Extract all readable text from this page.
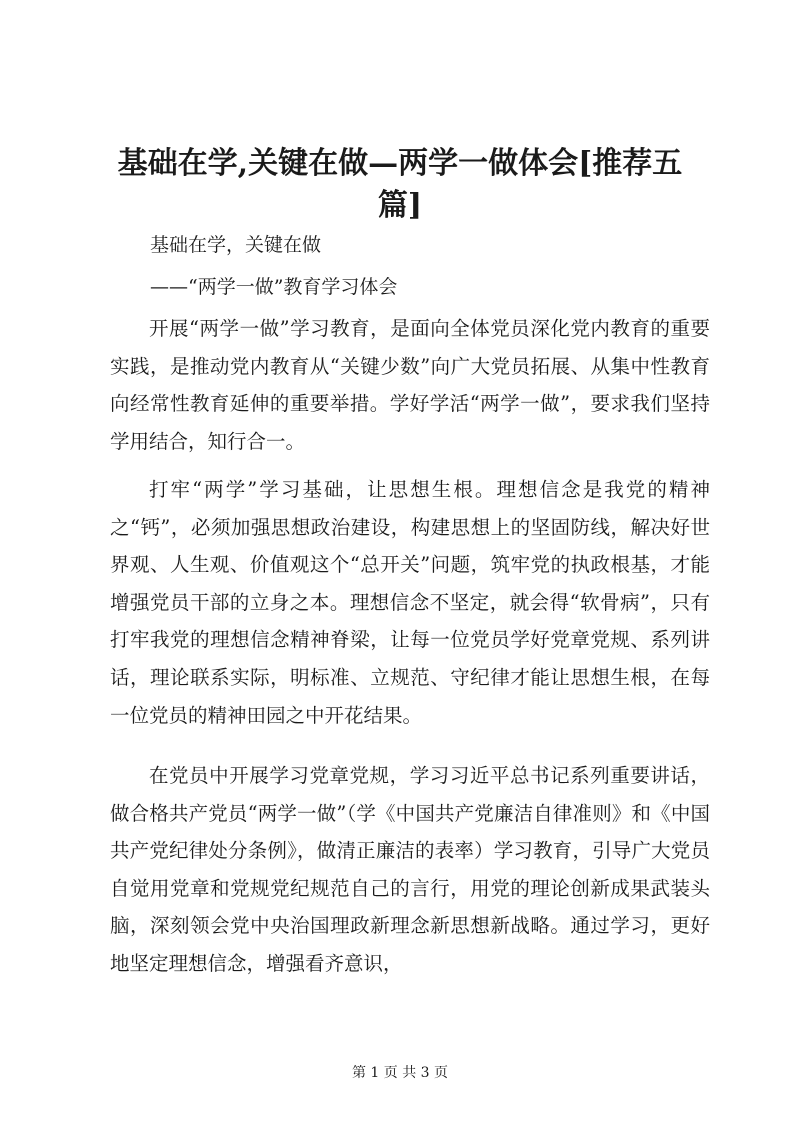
基础在学,关键在做—两学一做体会[推荐五篇]
基础在学，关键在做
——“两学一做”教育学习体会

开展“两学一做”学习教育，是面向全体党员深化党内教育的重要实践，是推动党内教育从“关键少数”向广大党员拓展、从集中性教育向经常性教育延伸的重要举措。学好学活“两学一做”，要求我们坚持学用结合，知行合一。

打牢“两学”学习基础，让思想生根。理想信念是我党的精神之“钙”，必须加强思想政治建设，构建思想上的坚固防线，解决好世界观、人生观、价值观这个“总开关”问题，筑牢党的执政根基，才能增强党员干部的立身之本。理想信念不坚定，就会得“软骨病”，只有打牢我党的理想信念精神脊梁，让每一位党员学好党章党规、系列讲话，理论联系实际，明标准、立规范、守纪律才能让思想生根，在每一位党员的精神田园之中开花结果。

在党员中开展学习党章党规，学习习近平总书记系列重要讲话，做合格共产党员“两学一做”（学《中国共产党廉洁自律准则》和《中国共产党纪律处分条例》，做清正廉洁的表率）学习教育，引导广大党员自觉用党章和党规党纪规范自己的言行，用党的理论创新成果武装头脑，深刻领会党中央治国理政新理念新思想新战略。通过学习，更好地坚定理想信念，增强看齐意识，

第 1 页 共 3 页
